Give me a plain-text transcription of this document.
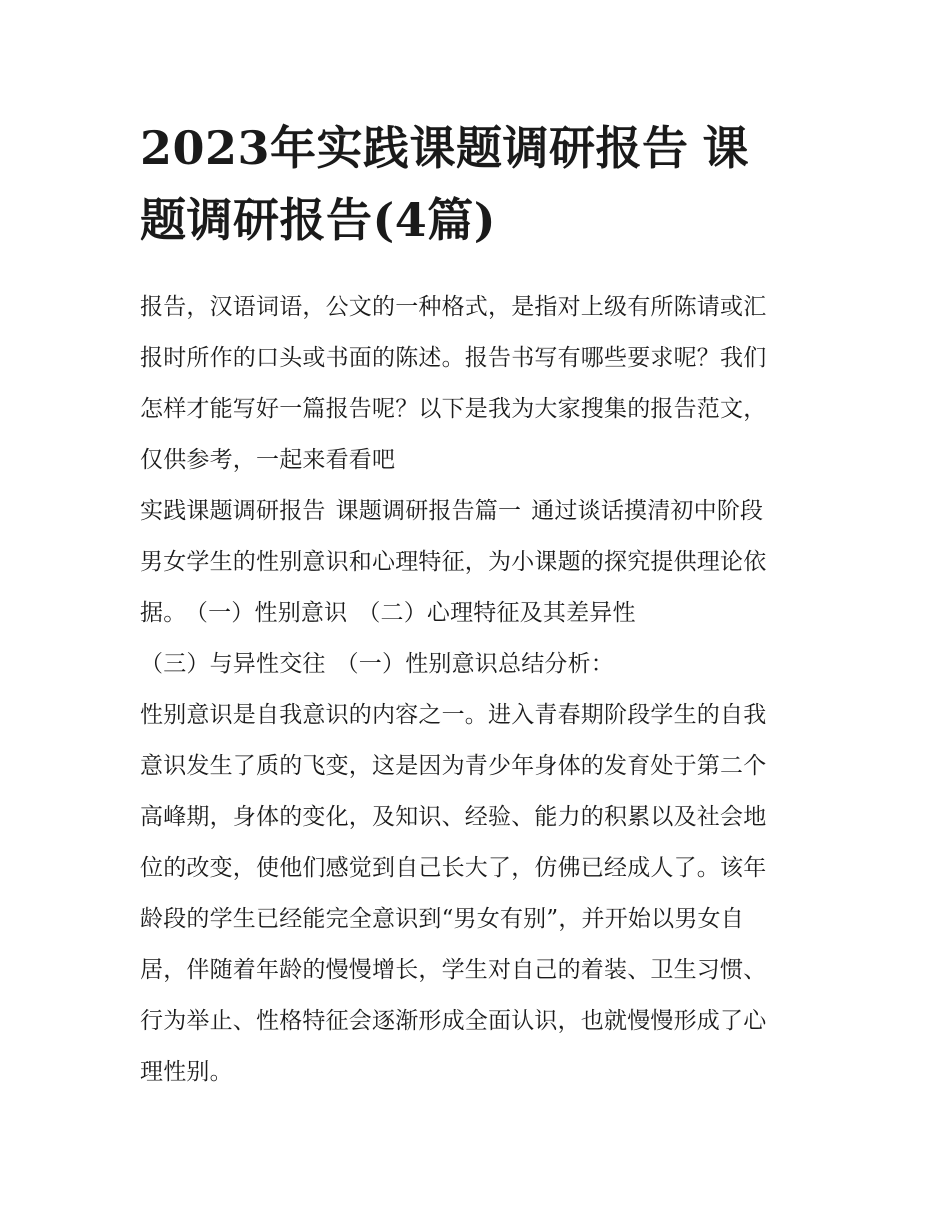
2023年实践课题调研报告 课
题调研报告(4篇)
报告，汉语词语，公文的一种格式，是指对上级有所陈请或汇
报时所作的口头或书面的陈述。报告书写有哪些要求呢？我们
怎样才能写好一篇报告呢？以下是我为大家搜集的报告范文，
仅供参考，一起来看看吧
实践课题调研报告 课题调研报告篇一 通过谈话摸清初中阶段
男女学生的性别意识和心理特征，为小课题的探究提供理论依
据。 （一）性别意识 （二）心理特征及其差异性
（三）与异性交往 （一）性别意识总结分析：
性别意识是自我意识的内容之一。进入青春期阶段学生的自我
意识发生了质的飞变，这是因为青少年身体的发育处于第二个
高峰期，身体的变化，及知识、经验、能力的积累以及社会地
位的改变，使他们感觉到自己长大了，仿佛已经成人了。该年
龄段的学生已经能完全意识到“男女有别”，并开始以男女自
居，伴随着年龄的慢慢增长，学生对自己的着装、卫生习惯、
行为举止、性格特征会逐渐形成全面认识，也就慢慢形成了心
理性别。
